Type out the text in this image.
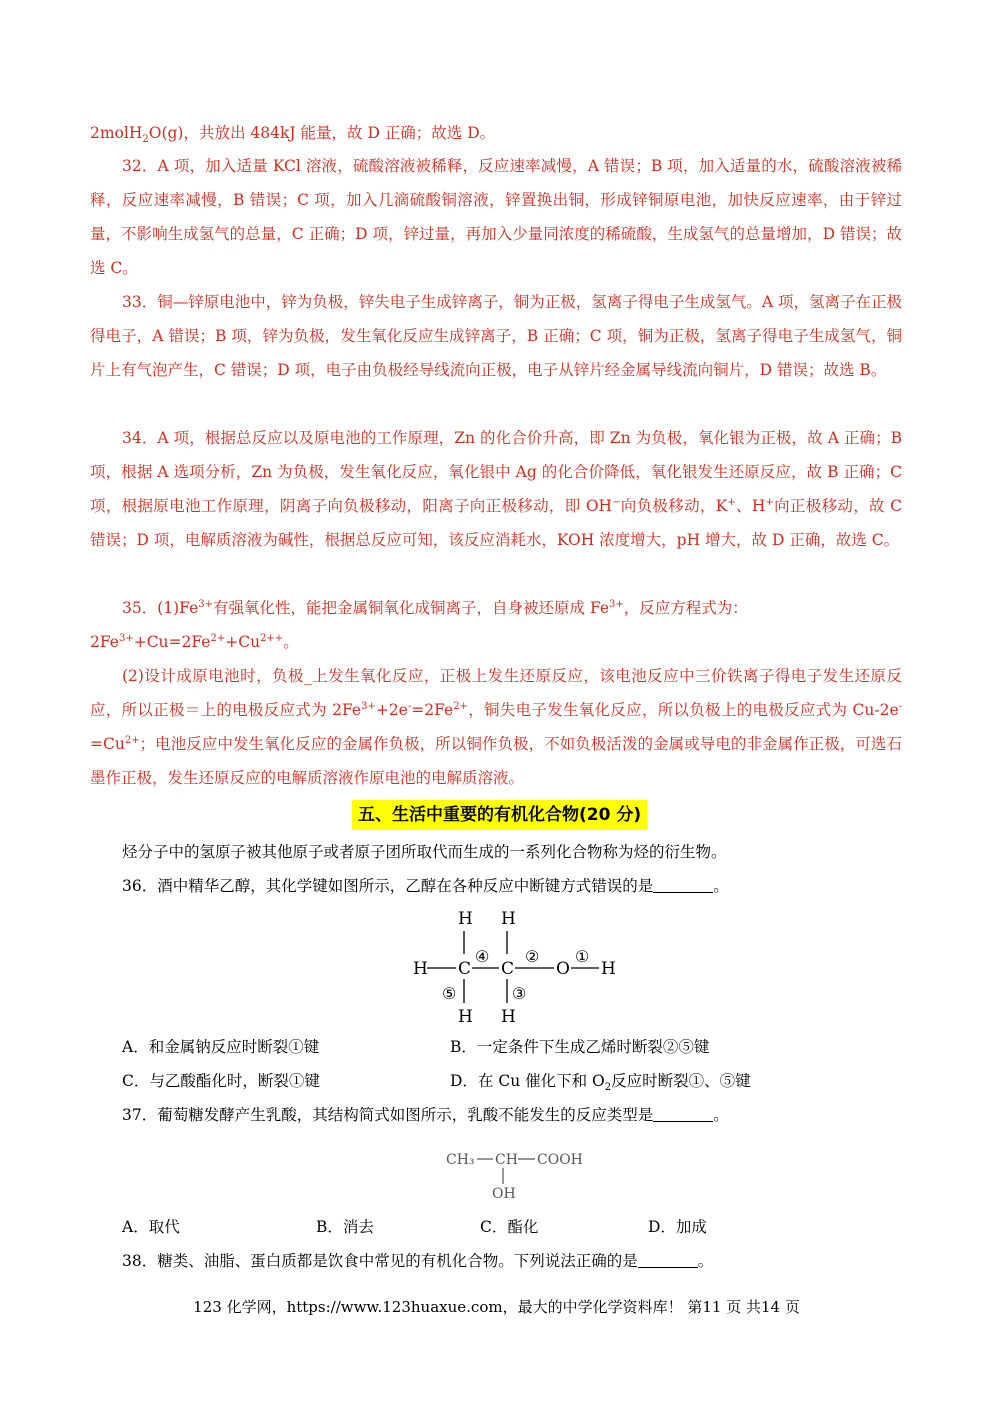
2molH$_2$O(g)，共放出 484kJ 能量，故 D 正确；故选 D。
32．A 项，加入适量 KCl 溶液，硫酸溶液被稀释，反应速率减慢，A 错误；B 项，加入适量的水，硫酸溶液被稀释，反应速率减慢，B 错误；C 项，加入几滴硫酸铜溶液，锌置换出铜，形成锌铜原电池，加快反应速率，由于锌过量，不影响生成氢气的总量，C 正确；D 项，锌过量，再加入少量同浓度的稀硫酸，生成氢气的总量增加，D 错误；故选 C。
33．铜—锌原电池中，锌为负极，锌失电子生成锌离子，铜为正极，氢离子得电子生成氢气。A 项，氢离子在正极得电子，A 错误；B 项，锌为负极，发生氧化反应生成锌离子，B 正确；C 项，铜为正极，氢离子得电子生成氢气，铜片上有气泡产生，C 错误；D 项，电子由负极经导线流向正极，电子从锌片经金属导线流向铜片，D 错误；故选 B。
34．A 项，根据总反应以及原电池的工作原理，Zn 的化合价升高，即 Zn 为负极，氧化银为正极，故 A 正确；B 项，根据 A 选项分析，Zn 为负极，发生氧化反应，氧化银中 Ag 的化合价降低，氧化银发生还原反应，故 B 正确；C 项，根据原电池工作原理，阴离子向负极移动，阳离子向正极移动，即 OH−向负极移动，K+、H+向正极移动，故 C 错误；D 项，电解质溶液为碱性，根据总反应可知，该反应消耗水，KOH 浓度增大，pH 增大，故 D 正确，故选 C。
35．$(1)Fe^{3+}$有强氧化性，能把金属铜氧化成铜离子，自身被还原成 $Fe^{3+}$，反应方程式为：
$2Fe^{3+}+Cu=2Fe^{2+}+Cu^{2++}$。
(2)设计成原电池时，负极_上发生氧化反应，正极上发生还原反应，该电池反应中三价铁离子得电子发生还原反应，所以正极＝上的电极反应式为 $2Fe^{3+}+2e^-=2Fe^{2+}$，铜失电子发生氧化反应，所以负极上的电极反应式为 $Cu-2e^-=Cu^{2+}$；电池反应中发生氧化反应的金属作负极，所以铜作负极，不如负极活泼的金属或导电的非金属作正极，可选石墨作正极，发生还原反应的电解质溶液作原电池的电解质溶液。
五、生活中重要的有机化合物(20 分)
烃分子中的氢原子被其他原子或者原子团所取代而生成的一系列化合物称为烃的衍生物。
36．酒中精华乙醇，其化学键如图所示，乙醇在各种反应中断键方式错误的是	。
H H
H C C O H
H H
④ ② ①
⑤	③
A．和金属钠反应时断裂①键	B．一定条件下生成乙烯时断裂②⑤键
C．与乙酸酯化时，断裂①键	D．在 Cu 催化下和 $O_2$反应时断裂①、⑤键
37．葡萄糖发酵产生乳酸，其结构简式如图所示，乳酸不能发生的反应类型是	。
CH₃ CH COOH
OH
A．取代	B．消去	C．酯化	D．加成
38．糖类、油脂、蛋白质都是饮食中常见的有机化合物。下列说法正确的是	。
123 化学网，https://www.123huaxue.com，最大的中学化学资料库！ 第11 页 共14 页
